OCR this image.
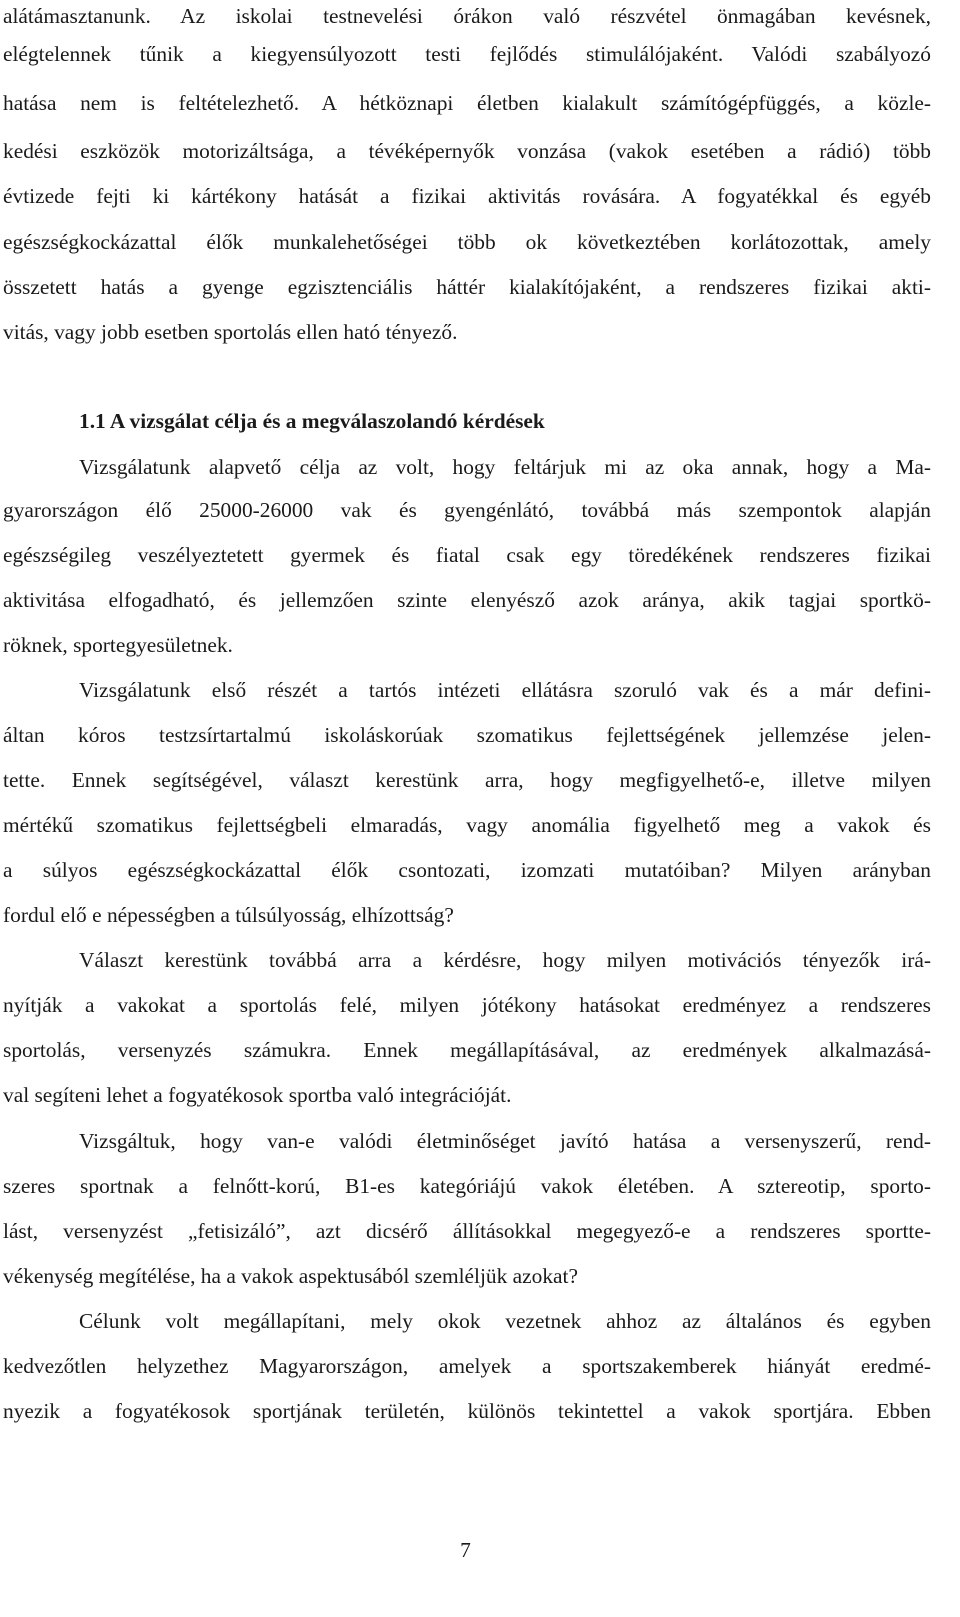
alátámasztanunk. Az iskolai testnevelési órákon való részvétel önmagában kevésnek,
elégtelennek tűnik a kiegyensúlyozott testi fejlődés stimulálójaként. Valódi szabályozó
hatása nem is feltételezhető. A hétköznapi életben kialakult számítógépfüggés, a közle-
kedési eszközök motorizáltsága, a tévéképernyők vonzása (vakok esetében a rádió) több
évtizede fejti ki kártékony hatását a fizikai aktivitás rovására. A fogyatékkal és egyéb
egészségkockázattal élők munkalehetőségei több ok következtében korlátozottak, amely
összetett hatás a gyenge egzisztenciális háttér kialakítójaként, a rendszeres fizikai akti-
vitás, vagy jobb esetben sportolás ellen ható tényező.
1.1 A vizsgálat célja és a megválaszolandó kérdések
Vizsgálatunk alapvető célja az volt, hogy feltárjuk mi az oka annak, hogy a Ma-
gyarországon élő 25000-26000 vak és gyengénlátó, továbbá más szempontok alapján
egészségileg veszélyeztetett gyermek és fiatal csak egy töredékének rendszeres fizikai
aktivitása elfogadható, és jellemzően szinte elenyésző azok aránya, akik tagjai sportkö-
röknek, sportegyesületnek.
Vizsgálatunk első részét a tartós intézeti ellátásra szoruló vak és a már defini-
áltan kóros testzsírtartalmú iskoláskorúak szomatikus fejlettségének jellemzése jelen-
tette. Ennek segítségével, választ kerestünk arra, hogy megfigyelhető-e, illetve milyen
mértékű szomatikus fejlettségbeli elmaradás, vagy anomália figyelhető meg a vakok és
a súlyos egészségkockázattal élők csontozati, izomzati mutatóiban? Milyen arányban
fordul elő e népességben a túlsúlyosság, elhízottság?
Választ kerestünk továbbá arra a kérdésre, hogy milyen motivációs tényezők irá-
nyítják a vakokat a sportolás felé, milyen jótékony hatásokat eredményez a rendszeres
sportolás, versenyzés számukra. Ennek megállapításával, az eredmények alkalmazásá-
val segíteni lehet a fogyatékosok sportba való integrációját.
Vizsgáltuk, hogy van-e valódi életminőséget javító hatása a versenyszerű, rend-
szeres sportnak a felnőtt-korú, B1-es kategóriájú vakok életében. A sztereotip, sporto-
lást, versenyzést „fetisizáló”, azt dicsérő állításokkal megegyező-e a rendszeres sportte-
vékenység megítélése, ha a vakok aspektusából szemléljük azokat?
Célunk volt megállapítani, mely okok vezetnek ahhoz az általános és egyben
kedvezőtlen helyzethez Magyarországon, amelyek a sportszakemberek hiányát eredmé-
nyezik a fogyatékosok sportjának területén, különös tekintettel a vakok sportjára. Ebben
7
